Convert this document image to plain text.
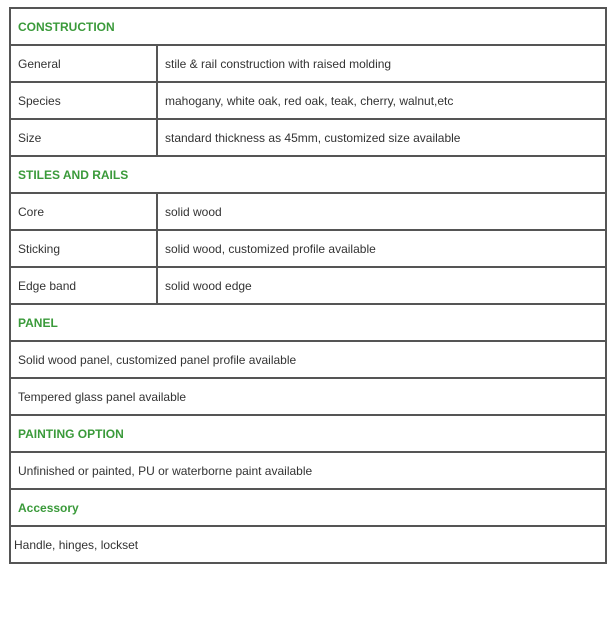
CONSTRUCTION	
General	stile & rail construction with raised molding
Species	mahogany, white oak, red oak, teak, cherry, walnut,etc
Size	standard thickness as 45mm, customized size available
STILES AND RAILS	
Core	solid wood
Sticking	solid wood, customized profile available
Edge band	solid wood edge
PANEL	
Solid wood panel, customized panel profile available	
Tempered glass panel available	
PAINTING OPTION	
Unfinished or painted, PU or waterborne paint available	
Accessory	
Handle, hinges, lockset	
